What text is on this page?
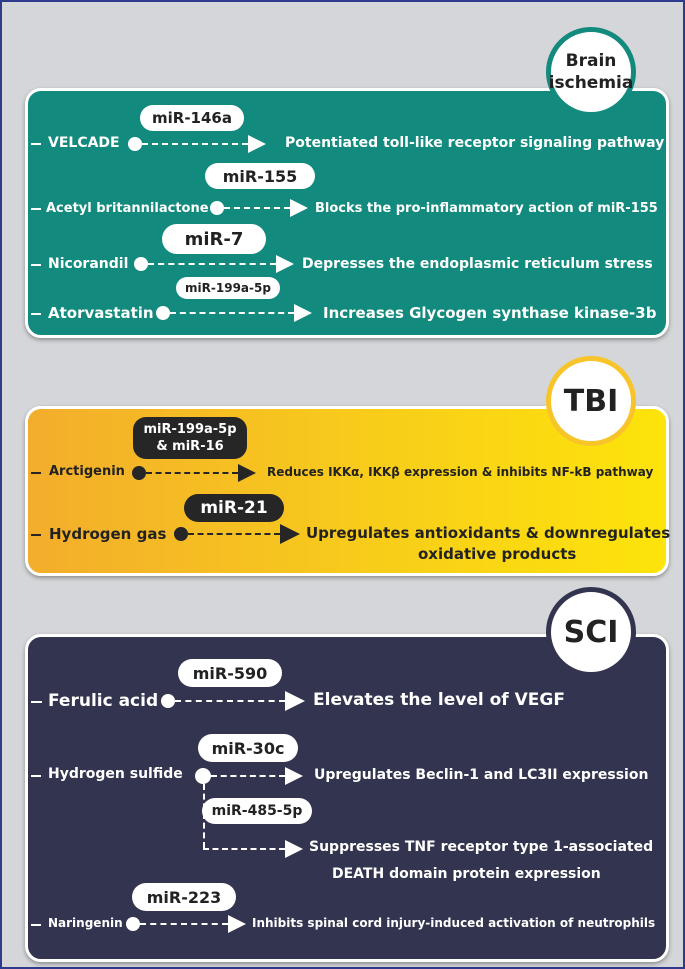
Brain
ischemia
VELCADE
miR-146a
Potentiated toll-like receptor signaling pathway
Acetyl britannilactone
miR-155
Blocks the pro-inflammatory action of miR-155
Nicorandil
miR-7
Depresses the endoplasmic reticulum stress
Atorvastatin
miR-199a-5p
Increases Glycogen synthase kinase-3b
TBI
Arctigenin
miR-199a-5p
& miR-16
Reduces IKKα, IKKβ expression & inhibits NF-kB pathway
Hydrogen gas
miR-21
Upregulates antioxidants & downregulates
oxidative products
SCI
Ferulic acid
miR-590
Elevates the level of VEGF
Hydrogen sulfide
miR-30c
Upregulates Beclin-1 and LC3II expression
miR-485-5p
Suppresses TNF receptor type 1-associated
DEATH domain protein expression
Naringenin
miR-223
Inhibits spinal cord injury-induced activation of neutrophils
